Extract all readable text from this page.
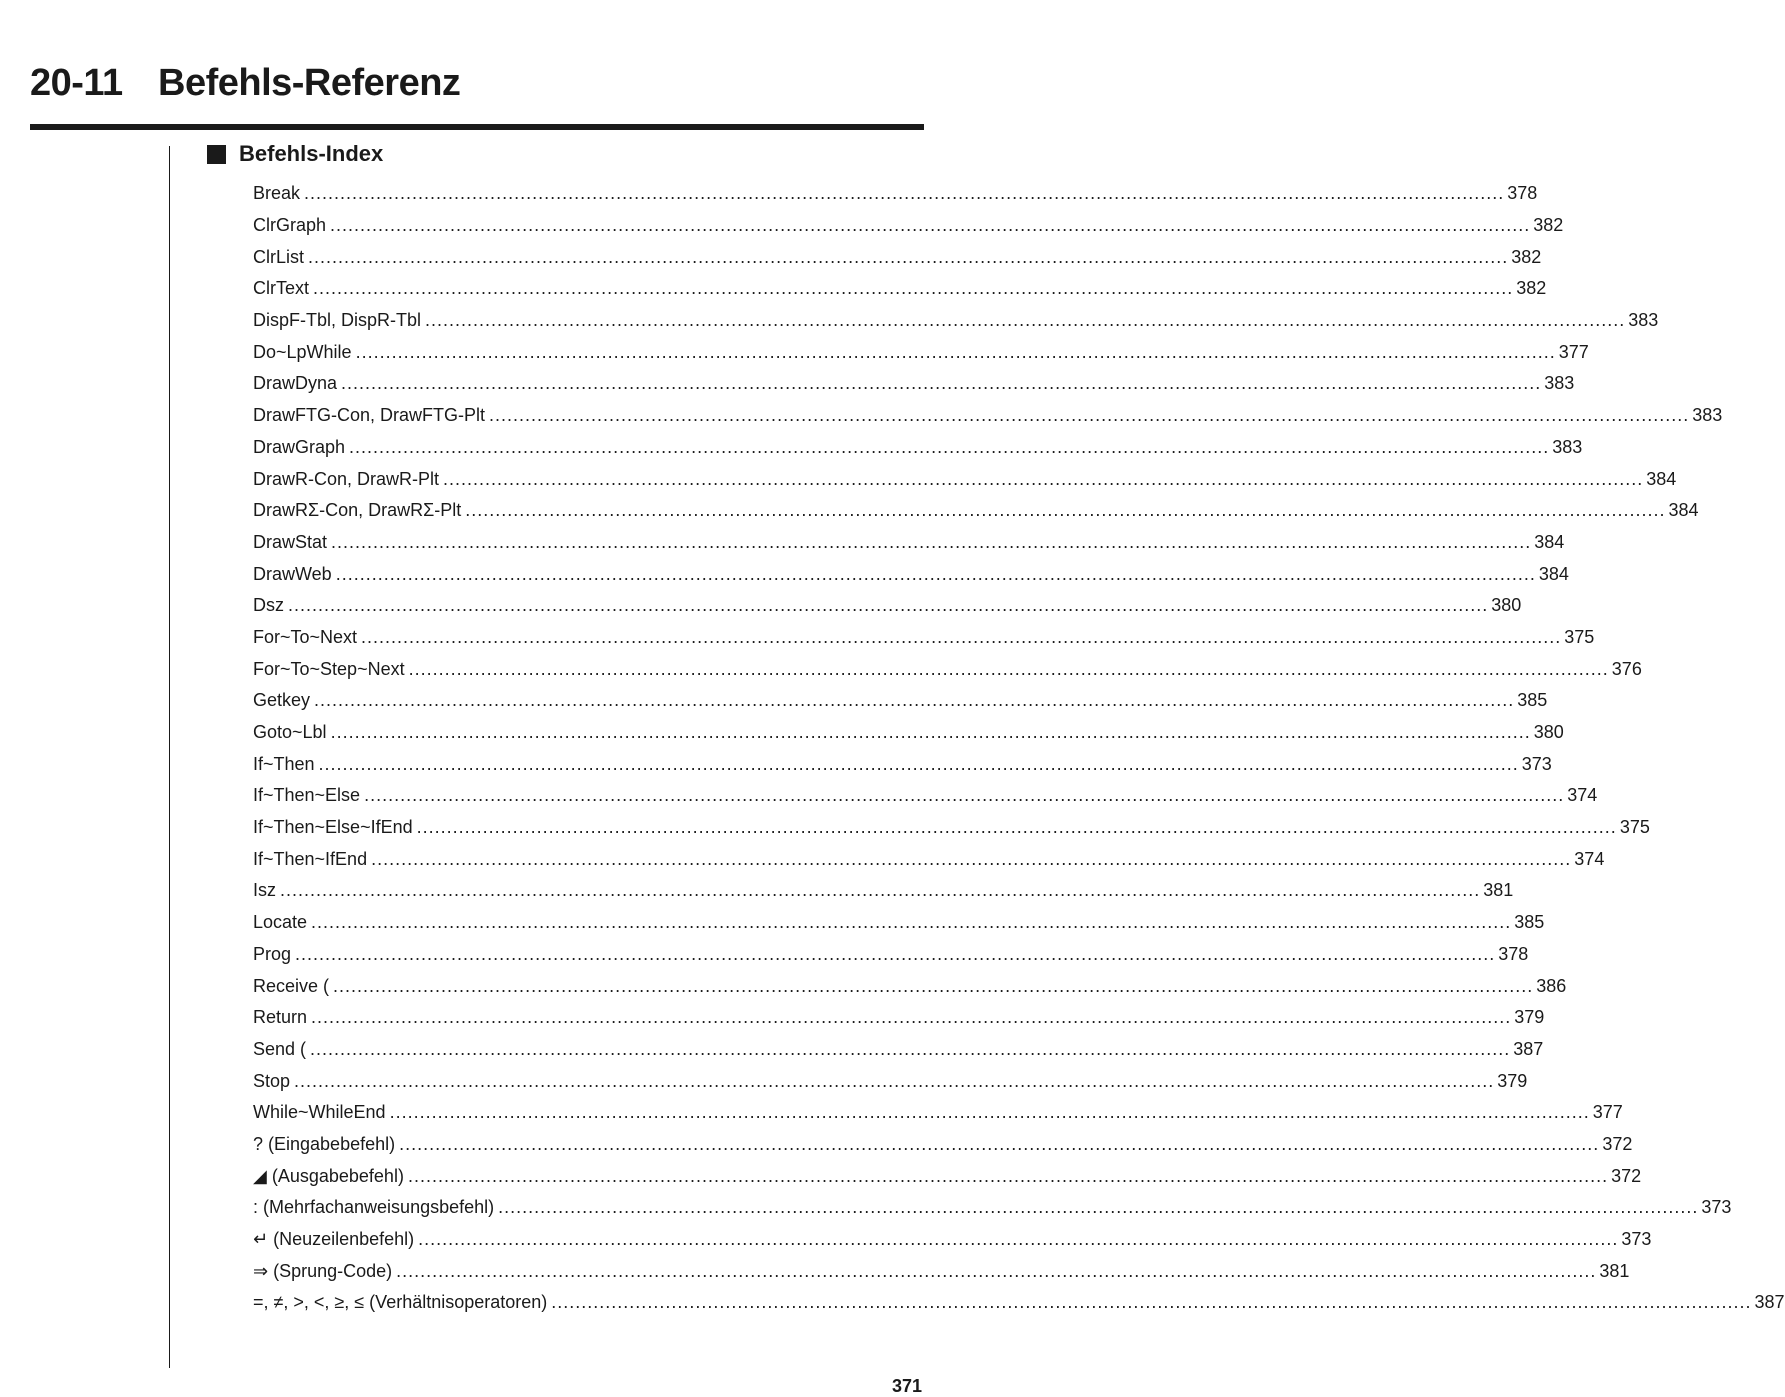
20-11 Befehls-Referenz
Befehls-Index
Break ........................................................................................................................................................................................................ 378
ClrGraph ........................................................................................................................................................................................................ 382
ClrList ........................................................................................................................................................................................................ 382
ClrText ........................................................................................................................................................................................................ 382
DispF-Tbl, DispR-Tbl ........................................................................................................................................................................................................ 383
Do~LpWhile ........................................................................................................................................................................................................ 377
DrawDyna ........................................................................................................................................................................................................ 383
DrawFTG-Con, DrawFTG-Plt ........................................................................................................................................................................................................ 383
DrawGraph ........................................................................................................................................................................................................ 383
DrawR-Con, DrawR-Plt ........................................................................................................................................................................................................ 384
DrawRΣ-Con, DrawRΣ-Plt ........................................................................................................................................................................................................ 384
DrawStat ........................................................................................................................................................................................................ 384
DrawWeb ........................................................................................................................................................................................................ 384
Dsz ........................................................................................................................................................................................................ 380
For~To~Next ........................................................................................................................................................................................................ 375
For~To~Step~Next ........................................................................................................................................................................................................ 376
Getkey ........................................................................................................................................................................................................ 385
Goto~Lbl ........................................................................................................................................................................................................ 380
If~Then ........................................................................................................................................................................................................ 373
If~Then~Else ........................................................................................................................................................................................................ 374
If~Then~Else~IfEnd ........................................................................................................................................................................................................ 375
If~Then~IfEnd ........................................................................................................................................................................................................ 374
Isz ........................................................................................................................................................................................................ 381
Locate ........................................................................................................................................................................................................ 385
Prog ........................................................................................................................................................................................................ 378
Receive ( ........................................................................................................................................................................................................ 386
Return ........................................................................................................................................................................................................ 379
Send ( ........................................................................................................................................................................................................ 387
Stop ........................................................................................................................................................................................................ 379
While~WhileEnd ........................................................................................................................................................................................................ 377
? (Eingabebefehl) ........................................................................................................................................................................................................ 372
◢ (Ausgabebefehl) ........................................................................................................................................................................................................ 372
: (Mehrfachanweisungsbefehl) ........................................................................................................................................................................................................ 373
↵ (Neuzeilenbefehl) ........................................................................................................................................................................................................ 373
⇒ (Sprung-Code) ........................................................................................................................................................................................................ 381
=, ≠, >, <, ≥, ≤ (Verhältnisoperatoren) ........................................................................................................................................................................................................ 387
371
